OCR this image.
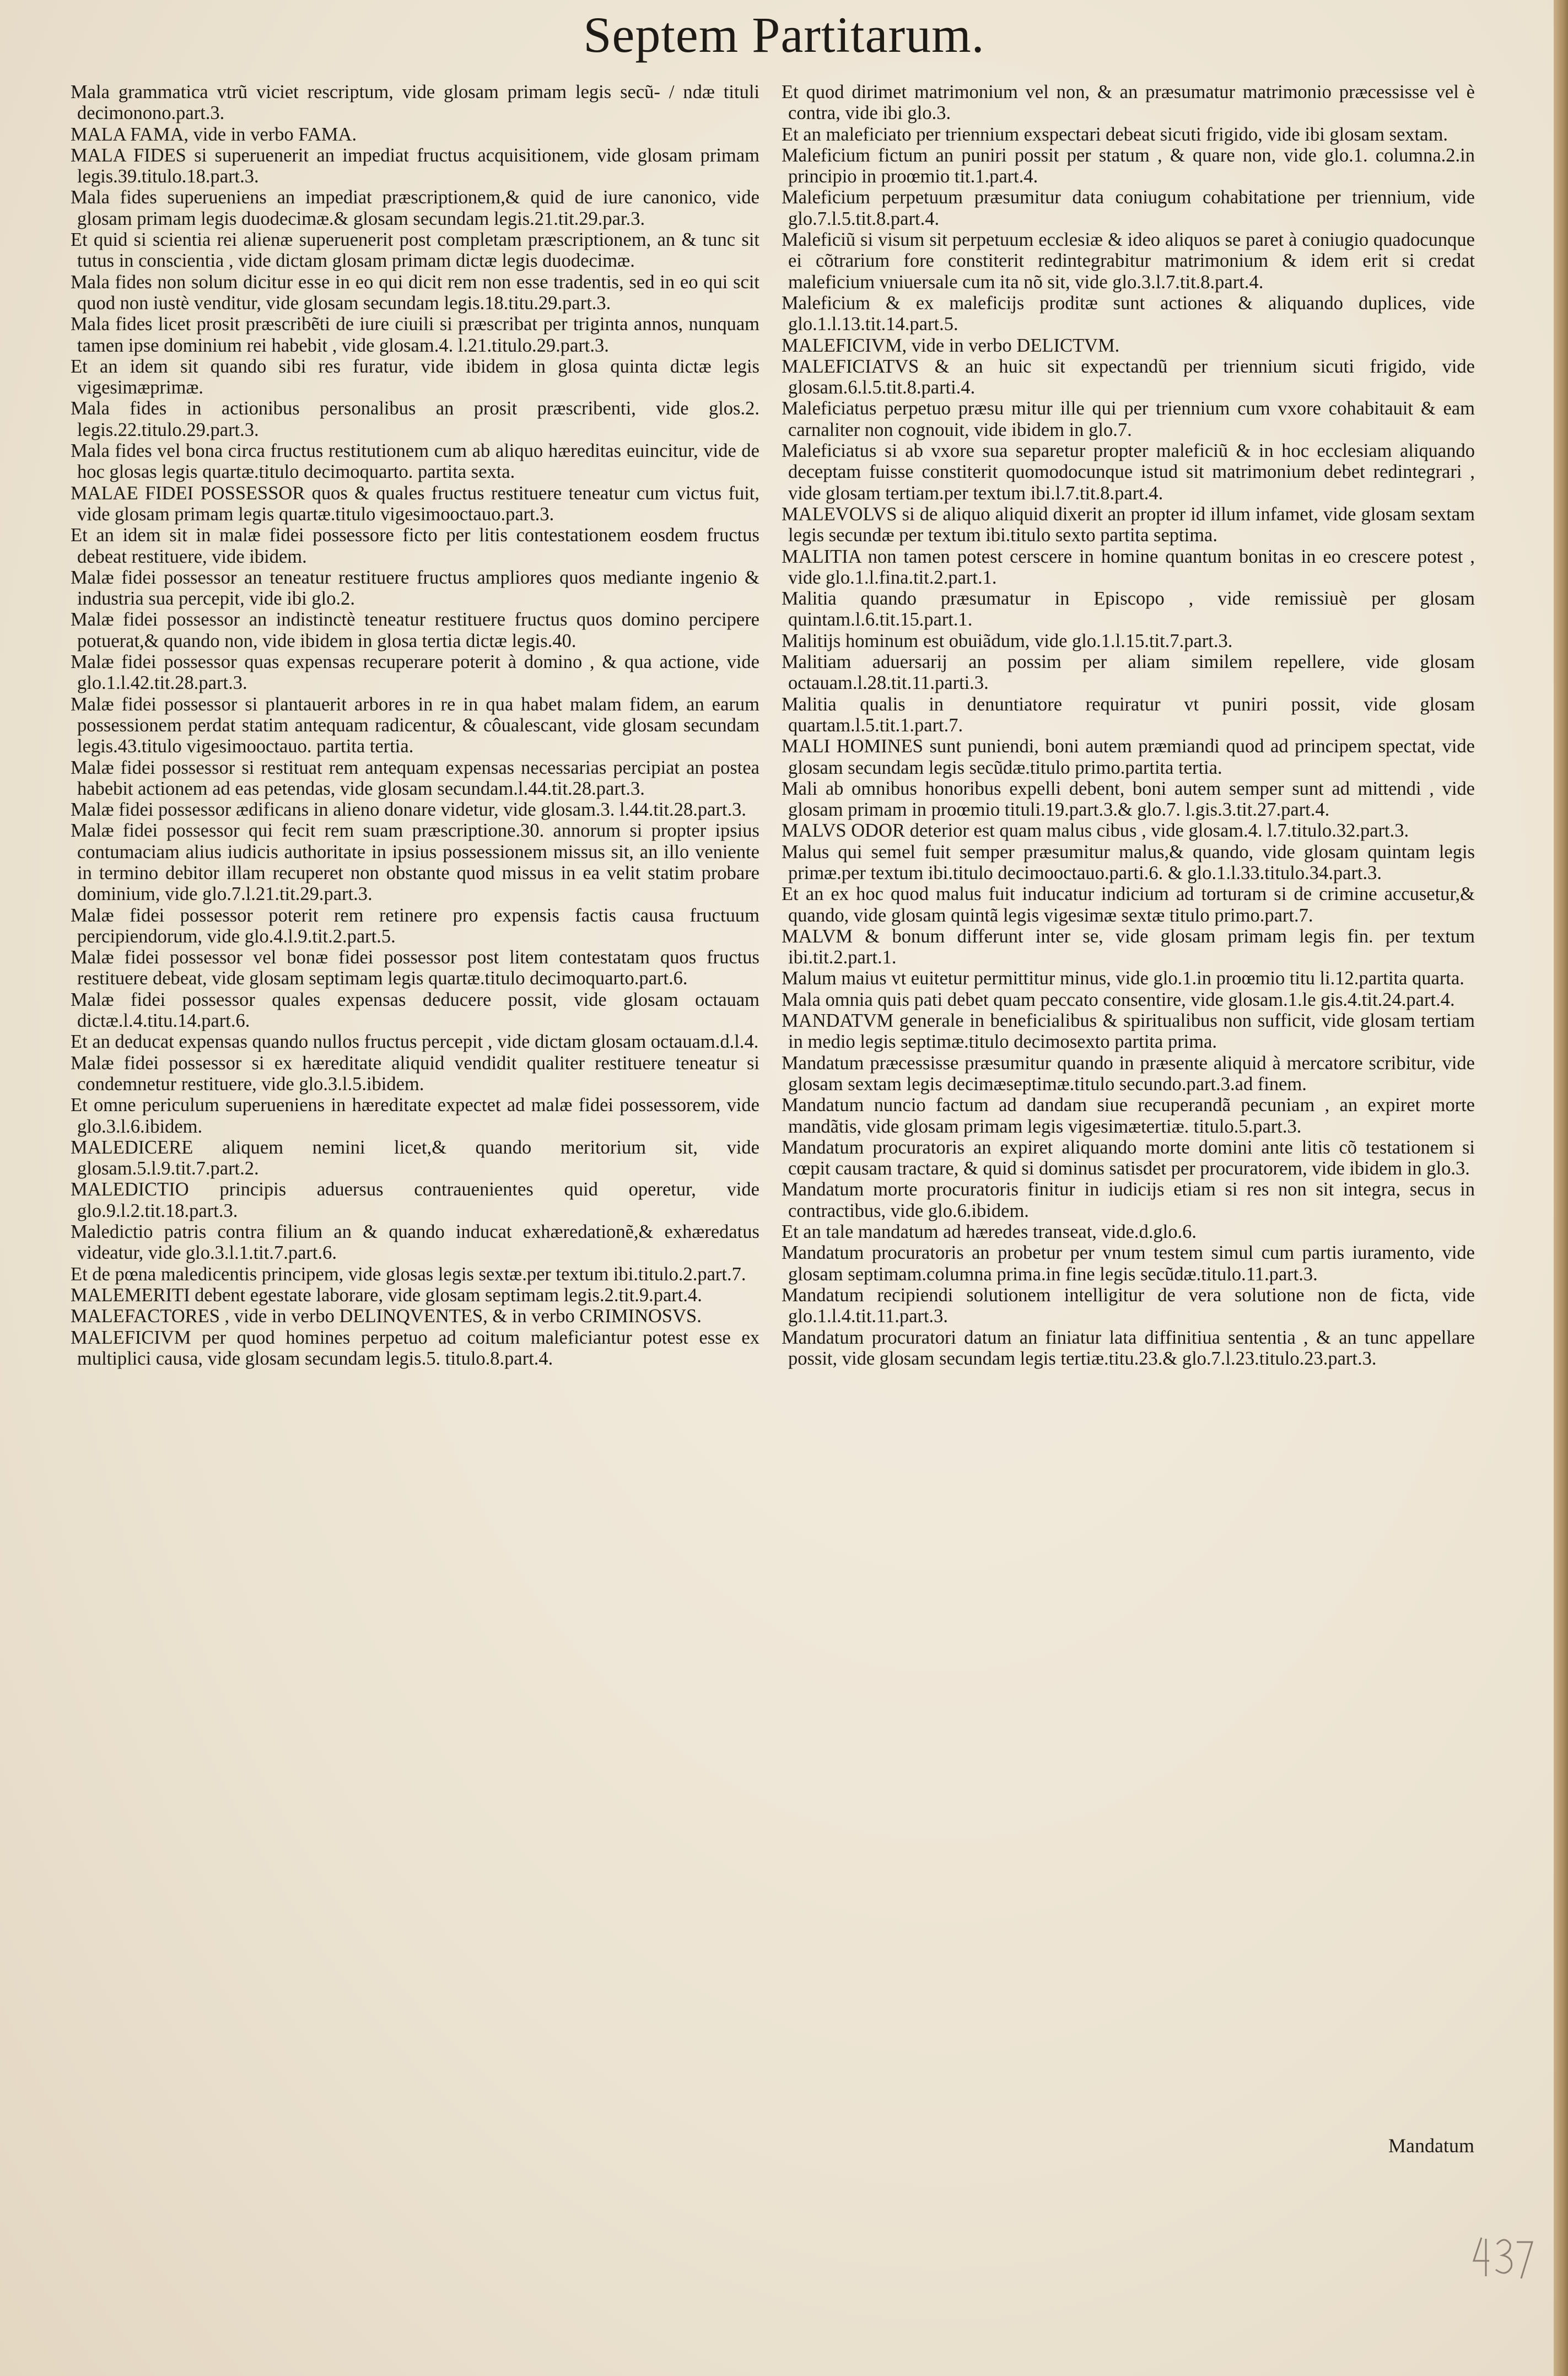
Septem Partitarum.

Mala grammatica vtrũ viciet rescriptum, vide glosam primam legis secũ- / ndæ tituli decimonono.part.3.

MALA FAMA, vide in verbo FAMA.

MALA FIDES si superuenerit an impediat fructus acquisitionem, vide glosam primam legis.39.titulo.18.part.3.

Mala fides superueniens an impediat præscriptionem,& quid de iure canonico, vide glosam primam legis duodecimæ.& glosam secundam legis.21.tit.29.par.3.

Et quid si scientia rei alienæ superuenerit post completam præscriptionem, an & tunc sit tutus in conscientia , vide dictam glosam primam dictæ legis duodecimæ.

Mala fides non solum dicitur esse in eo qui dicit rem non esse tradentis, sed in eo qui scit quod non iustè venditur, vide glosam secundam legis.18.titu.29.part.3.

Mala fides licet prosit præscribẽti de iure ciuili si præscribat per triginta annos, nunquam tamen ipse dominium rei habebit , vide glosam.4. l.21.titulo.29.part.3.

Et an idem sit quando sibi res furatur, vide ibidem in glosa quinta dictæ legis vigesimæprimæ.

Mala fides in actionibus personalibus an prosit præscribenti, vide glos.2. legis.22.titulo.29.part.3.

Mala fides vel bona circa fructus restitutionem cum ab aliquo hæreditas euincitur, vide de hoc glosas legis quartæ.titulo decimoquarto. partita sexta.

MALAE FIDEI POSSESSOR quos & quales fructus restituere teneatur cum victus fuit, vide glosam primam legis quartæ.titulo vigesimooctauo.part.3.

Et an idem sit in malæ fidei possessore ficto per litis contestationem eosdem fructus debeat restituere, vide ibidem.

Malæ fidei possessor an teneatur restituere fructus ampliores quos mediante ingenio & industria sua percepit, vide ibi glo.2.

Malæ fidei possessor an indistinctè teneatur restituere fructus quos domino percipere potuerat,& quando non, vide ibidem in glosa tertia dictæ legis.40.

Malæ fidei possessor quas expensas recuperare poterit à domino , & qua actione, vide glo.1.l.42.tit.28.part.3.

Malæ fidei possessor si plantauerit arbores in re in qua habet malam fidem, an earum possessionem perdat statim antequam radicentur, & côualescant, vide glosam secundam legis.43.titulo vigesimooctauo. partita tertia.

Malæ fidei possessor si restituat rem antequam expensas necessarias percipiat an postea habebit actionem ad eas petendas, vide glosam secundam.l.44.tit.28.part.3.

Malæ fidei possessor ædificans in alieno donare videtur, vide glosam.3. l.44.tit.28.part.3.

Malæ fidei possessor qui fecit rem suam præscriptione.30. annorum si propter ipsius contumaciam alius iudicis authoritate in ipsius possessionem missus sit, an illo veniente in termino debitor illam recuperet non obstante quod missus in ea velit statim probare dominium, vide glo.7.l.21.tit.29.part.3.

Malæ fidei possessor poterit rem retinere pro expensis factis causa fructuum percipiendorum, vide glo.4.l.9.tit.2.part.5.

Malæ fidei possessor vel bonæ fidei possessor post litem contestatam quos fructus restituere debeat, vide glosam septimam legis quartæ.titulo decimoquarto.part.6.

Malæ fidei possessor quales expensas deducere possit, vide glosam octauam dictæ.l.4.titu.14.part.6.

Et an deducat expensas quando nullos fructus percepit , vide dictam glosam octauam.d.l.4.

Malæ fidei possessor si ex hæreditate aliquid vendidit qualiter restituere teneatur si condemnetur restituere, vide glo.3.l.5.ibidem.

Et omne periculum superueniens in hæreditate expectet ad malæ fidei possessorem, vide glo.3.l.6.ibidem.

MALEDICERE aliquem nemini licet,& quando meritorium sit, vide glosam.5.l.9.tit.7.part.2.

MALEDICTIO principis aduersus contrauenientes quid operetur, vide glo.9.l.2.tit.18.part.3.

Maledictio patris contra filium an & quando inducat exhæredationẽ,& exhæredatus videatur, vide glo.3.l.1.tit.7.part.6.

Et de pœna maledicentis principem, vide glosas legis sextæ.per textum ibi.titulo.2.part.7.

MALEMERITI debent egestate laborare, vide glosam septimam legis.2.tit.9.part.4.

MALEFACTORES , vide in verbo DELINQVENTES, & in verbo CRIMINOSVS.

MALEFICIVM per quod homines perpetuo ad coitum maleficiantur potest esse ex multiplici causa, vide glosam secundam legis.5. titulo.8.part.4.

Et quod dirimet matrimonium vel non, & an præsumatur matrimonio præcessisse vel è contra, vide ibi glo.3.

Et an maleficiato per triennium exspectari debeat sicuti frigido, vide ibi glosam sextam.

Maleficium fictum an puniri possit per statum , & quare non, vide glo.1. columna.2.in principio in proœmio tit.1.part.4.

Maleficium perpetuum præsumitur data coniugum cohabitatione per triennium, vide glo.7.l.5.tit.8.part.4.

Maleficiũ si visum sit perpetuum ecclesiæ & ideo aliquos se paret à coniugio quadocunque ei cõtrarium fore constiterit redintegrabitur matrimonium & idem erit si credat maleficium vniuersale cum ita nõ sit, vide glo.3.l.7.tit.8.part.4.

Maleficium & ex maleficijs proditæ sunt actiones & aliquando duplices, vide glo.1.l.13.tit.14.part.5.

MALEFICIVM, vide in verbo DELICTVM.

MALEFICIATVS & an huic sit expectandũ per triennium sicuti frigido, vide glosam.6.l.5.tit.8.parti.4.

Maleficiatus perpetuo præsu mitur ille qui per triennium cum vxore cohabitauit & eam carnaliter non cognouit, vide ibidem in glo.7.

Maleficiatus si ab vxore sua separetur propter maleficiũ & in hoc ecclesiam aliquando deceptam fuisse constiterit quomodocunque istud sit matrimonium debet redintegrari , vide glosam tertiam.per textum ibi.l.7.tit.8.part.4.

MALEVOLVS si de aliquo aliquid dixerit an propter id illum infamet, vide glosam sextam legis secundæ per textum ibi.titulo sexto partita septima.

MALITIA non tamen potest cerscere in homine quantum bonitas in eo crescere potest , vide glo.1.l.fina.tit.2.part.1.

Malitia quando præsumatur in Episcopo , vide remissiuè per glosam quintam.l.6.tit.15.part.1.

Malitijs hominum est obuiãdum, vide glo.1.l.15.tit.7.part.3.

Malitiam aduersarij an possim per aliam similem repellere, vide glosam octauam.l.28.tit.11.parti.3.

Malitia qualis in denuntiatore requiratur vt puniri possit, vide glosam quartam.l.5.tit.1.part.7.

MALI HOMINES sunt puniendi, boni autem præmiandi quod ad principem spectat, vide glosam secundam legis secũdæ.titulo primo.partita tertia.

Mali ab omnibus honoribus expelli debent, boni autem semper sunt ad mittendi , vide glosam primam in proœmio tituli.19.part.3.& glo.7. l.gis.3.tit.27.part.4.

MALVS ODOR deterior est quam malus cibus , vide glosam.4. l.7.titulo.32.part.3.

Malus qui semel fuit semper præsumitur malus,& quando, vide glosam quintam legis primæ.per textum ibi.titulo decimooctauo.parti.6. & glo.1.l.33.titulo.34.part.3.

Et an ex hoc quod malus fuit inducatur indicium ad torturam si de crimine accusetur,& quando, vide glosam quintã legis vigesimæ sextæ titulo primo.part.7.

MALVM & bonum differunt inter se, vide glosam primam legis fin. per textum ibi.tit.2.part.1.

Malum maius vt euitetur permittitur minus, vide glo.1.in proœmio titu li.12.partita quarta.

Mala omnia quis pati debet quam peccato consentire, vide glosam.1.le gis.4.tit.24.part.4.

MANDATVM generale in beneficialibus & spiritualibus non sufficit, vide glosam tertiam in medio legis septimæ.titulo decimosexto partita prima.

Mandatum præcessisse præsumitur quando in præsente aliquid à mercatore scribitur, vide glosam sextam legis decimæseptimæ.titulo secundo.part.3.ad finem.

Mandatum nuncio factum ad dandam siue recuperandã pecuniam , an expiret morte mandãtis, vide glosam primam legis vigesimætertiæ. titulo.5.part.3.

Mandatum procuratoris an expiret aliquando morte domini ante litis cõ testationem si cœpit causam tractare, & quid si dominus satisdet per procuratorem, vide ibidem in glo.3.

Mandatum morte procuratoris finitur in iudicijs etiam si res non sit integra, secus in contractibus, vide glo.6.ibidem.

Et an tale mandatum ad hæredes transeat, vide.d.glo.6.

Mandatum procuratoris an probetur per vnum testem simul cum partis iuramento, vide glosam septimam.columna prima.in fine legis secũdæ.titulo.11.part.3.

Mandatum recipiendi solutionem intelligitur de vera solutione non de ficta, vide glo.1.l.4.tit.11.part.3.

Mandatum procuratori datum an finiatur lata diffinitiua sententia , & an tunc appellare possit, vide glosam secundam legis tertiæ.titu.23.& glo.7.l.23.titulo.23.part.3.

Mandatum
